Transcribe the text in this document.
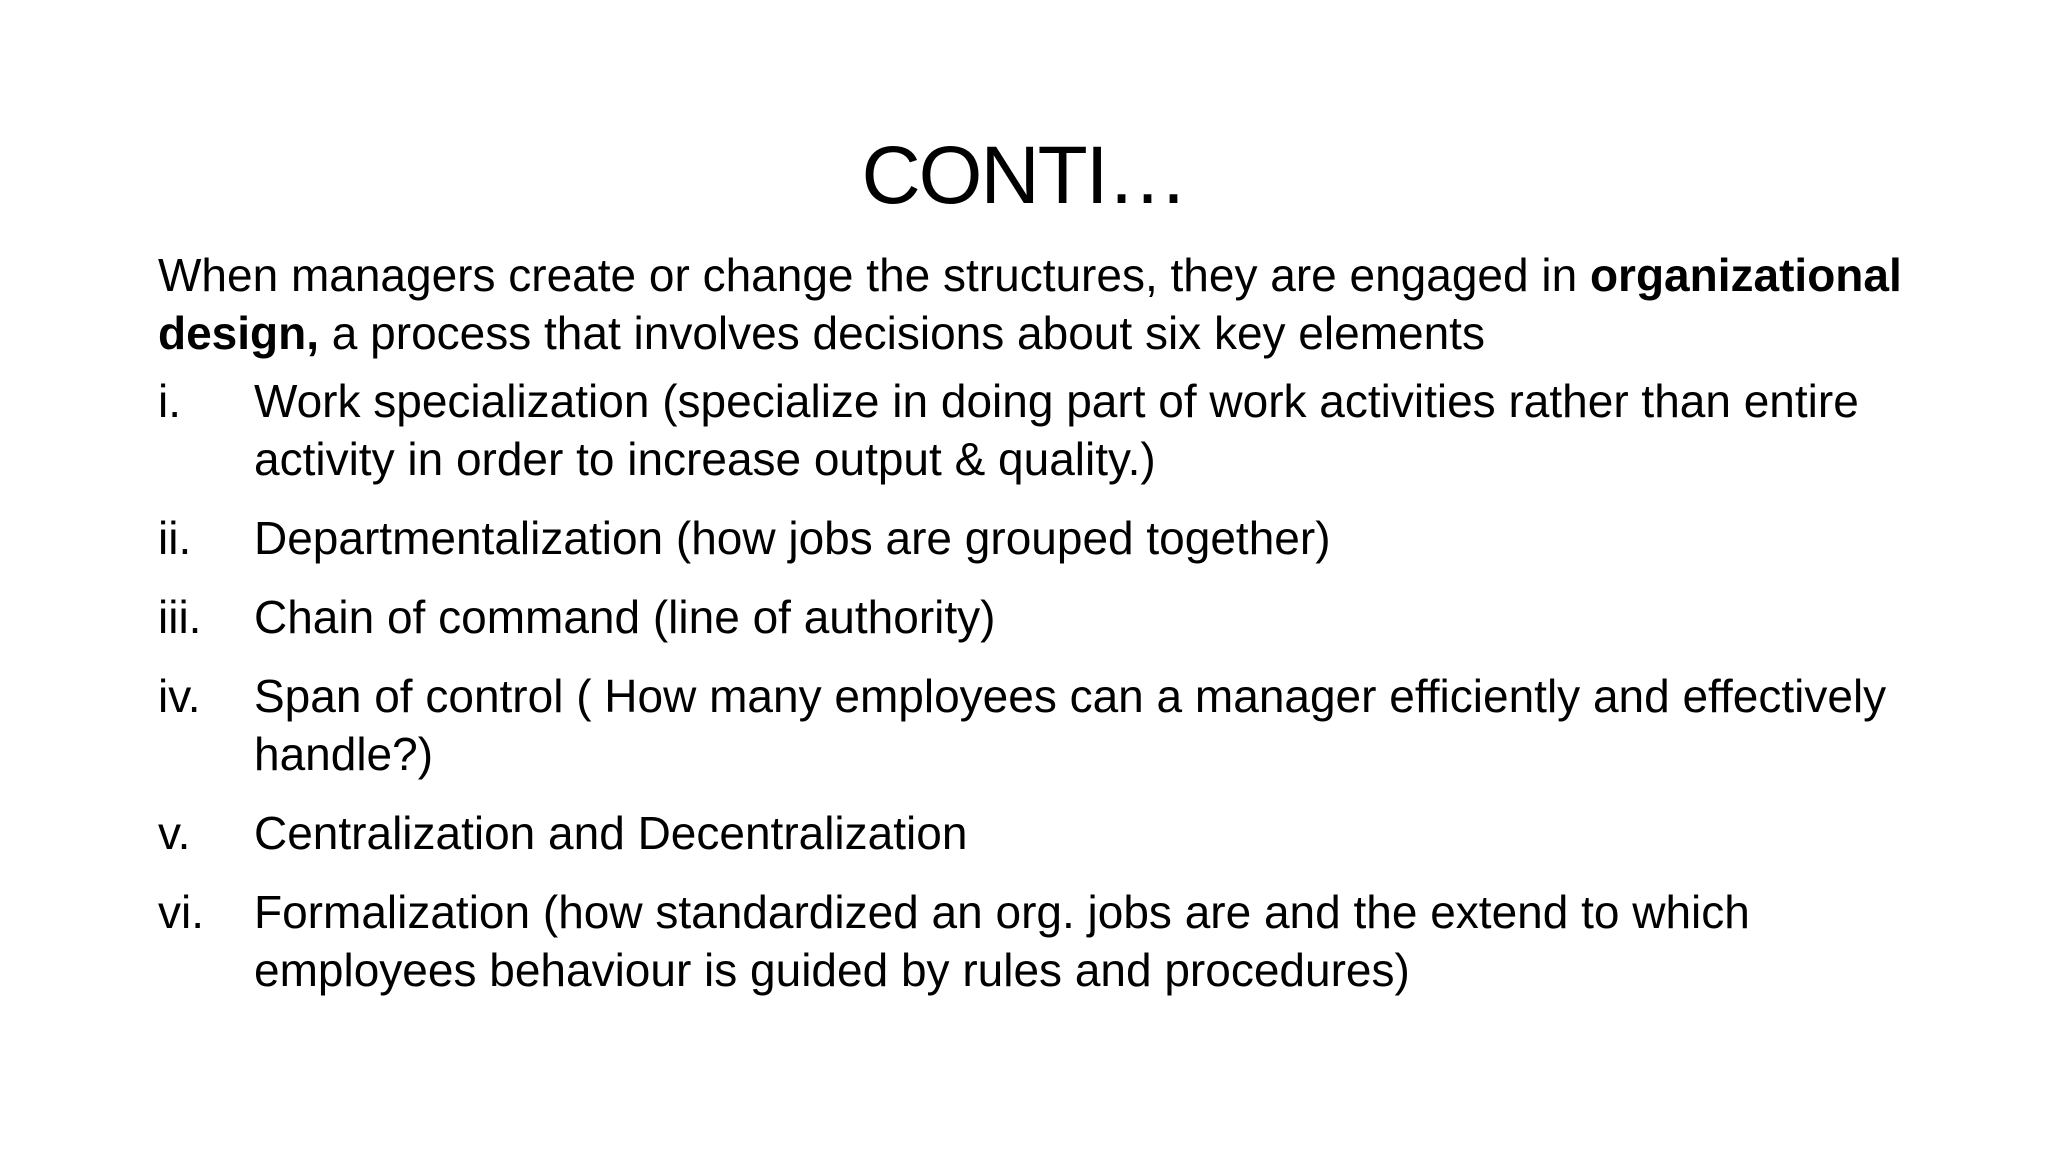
CONTI…

When managers create or change the structures, they are engaged in organizational design, a process that involves decisions about six key elements

i. Work specialization (specialize in doing part of work activities rather than entire activity in order to increase output & quality.)
ii. Departmentalization (how jobs are grouped together)
iii. Chain of command (line of authority)
iv. Span of control ( How many employees can a manager efficiently and effectively handle?)
v. Centralization and Decentralization
vi. Formalization (how standardized an org. jobs are and the extend to which employees behaviour is guided by rules and procedures)
